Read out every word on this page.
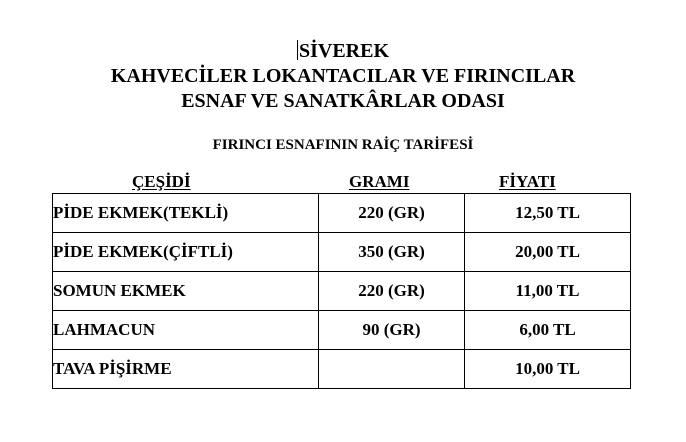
SİVEREK
KAHVECİLER LOKANTACILAR VE FIRINCILAR
ESNAF VE SANATKÂRLAR ODASI
FIRINCI ESNAFININ RAİÇ TARİFESİ
ÇEŞİDİ	GRAMI	FİYATI
PİDE EKMEK(TEKLİ)	220 (GR)	12,50 TL
PİDE EKMEK(ÇİFTLİ)	350 (GR)	20,00 TL
SOMUN EKMEK	220 (GR)	11,00 TL
LAHMACUN	90 (GR)	6,00 TL
TAVA PİŞİRME		10,00 TL
